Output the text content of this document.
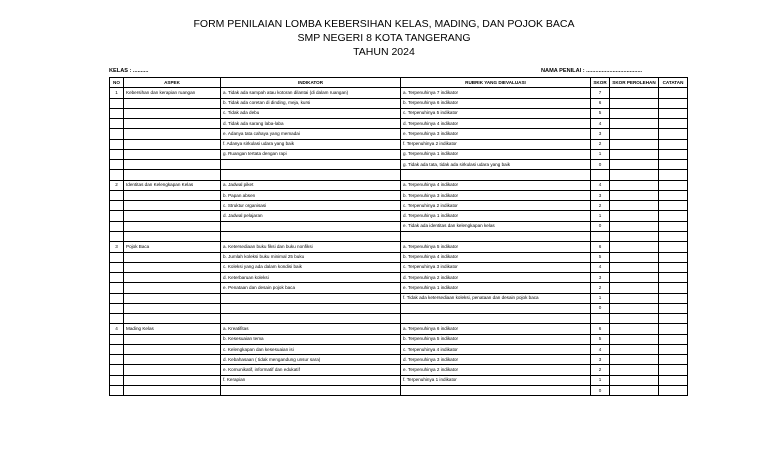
FORM PENILAIAN LOMBA KEBERSIHAN KELAS, MADING, DAN POJOK BACA
SMP NEGERI 8 KOTA TANGERANG
TAHUN 2024
KELAS : ..........	NAMA PENILAI : ....................................
NO	ASPEK	INDIKATOR	RUBRIK YANG DIEVALUASI	SKOR	SKOR PEROLEHAN	CATATAN
1	Kebersihan dan kerapian ruangan	a. Tidak ada sampah atau kotoran dilantai (di dalam ruangan)	a. Terpenuhinya 7 indikator	7		
		b. Tidak ada coretan di dinding, meja, kursi	b. Terpenuhinya 6 indikator	6		
		c. Tidak ada debu	c. Terpenuhinya 5 indikator	5		
		d. Tidak ada sarang laba-laba	d. Terpenuhinya 4 indikator	4		
		e. Adanya tata cahaya yang memadai	e. Terpenuhinya 3 indikator	3		
		f. Adanya sirkulasi udara yang baik	f. Terpenuhinya 2 indikator	2		
		g. Ruangan tertata dengan rapi	g. Terpenuhinya 1 indikator	1		
			g. Tidak ada tata, tidak ada sirkulasi udara yang baik	0		

2	Identitas dan Kelengkapan Kelas	a. Jadwal piket	a. Terpenuhinya 4 indikator	4		
		b. Papan absen	b. Terpenuhinya 3 indikator	3		
		c. Struktur organisasi	c. Terpenuhinya 2 indikator	2		
		d. Jadwal pelajaran	d. Terpenuhinya 1 indikator	1		
			e. Tidak ada identitas dan kelengkapan kelas	0		

3	Pojok Baca	a. Ketersediaan buku fiksi dan buku nonfiksi	a. Terpenuhinya 5 indikator	6		
		b. Jumlah koleksi buku minimal 25 buku	b. Terpenuhinya 4 indikator	5		
		c. Koleksi yang ada dalam kondisi baik	c. Terpenuhinya 3 indikator	4		
		d. Keterbaruan koleksi	d. Terpenuhinya 2 indikator	3		
		e. Penataan dan desain pojok baca	e. Terpenuhinya 1 indikator	2		
			f. Tidak ada ketersediaan koleksi, penataan dan desain pojok baca	1		
				0		

4	Mading Kelas	a. Kreatifitas	a. Terpenuhinya 6 indikator	6		
		b. Kesesuaian tema	b. Terpenuhinya 5 indikator	5		
		c. Kelengkapan dan kesesuaian isi	c. Terpenuhinya 4 indikator	4		
		d. Kebahasaan ( tidak mengandung unsur sara)	d. Terpenuhinya 3 indikator	3		
		e. Komunikatif, informatif dan edukatif	e. Terpenuhinya 2 indikator	2		
		f. Kerapian	f. Terpenuhinya 1 indikator	1		
				0		
